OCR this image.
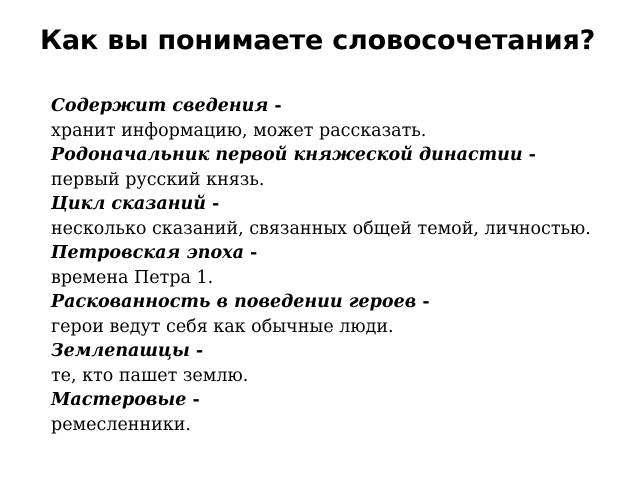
Как вы понимаете словосочетания?
Содержит сведения -
хранит информацию, может рассказать.
Родоначальник первой княжеской династии -
первый русский князь.
Цикл сказаний -
несколько сказаний, связанных общей темой, личностью.
Петровская эпоха -
времена Петра 1.
Раскованность в поведении героев -
герои ведут себя как обычные люди.
Землепашцы -
те, кто пашет землю.
Мастеровые -
ремесленники.
